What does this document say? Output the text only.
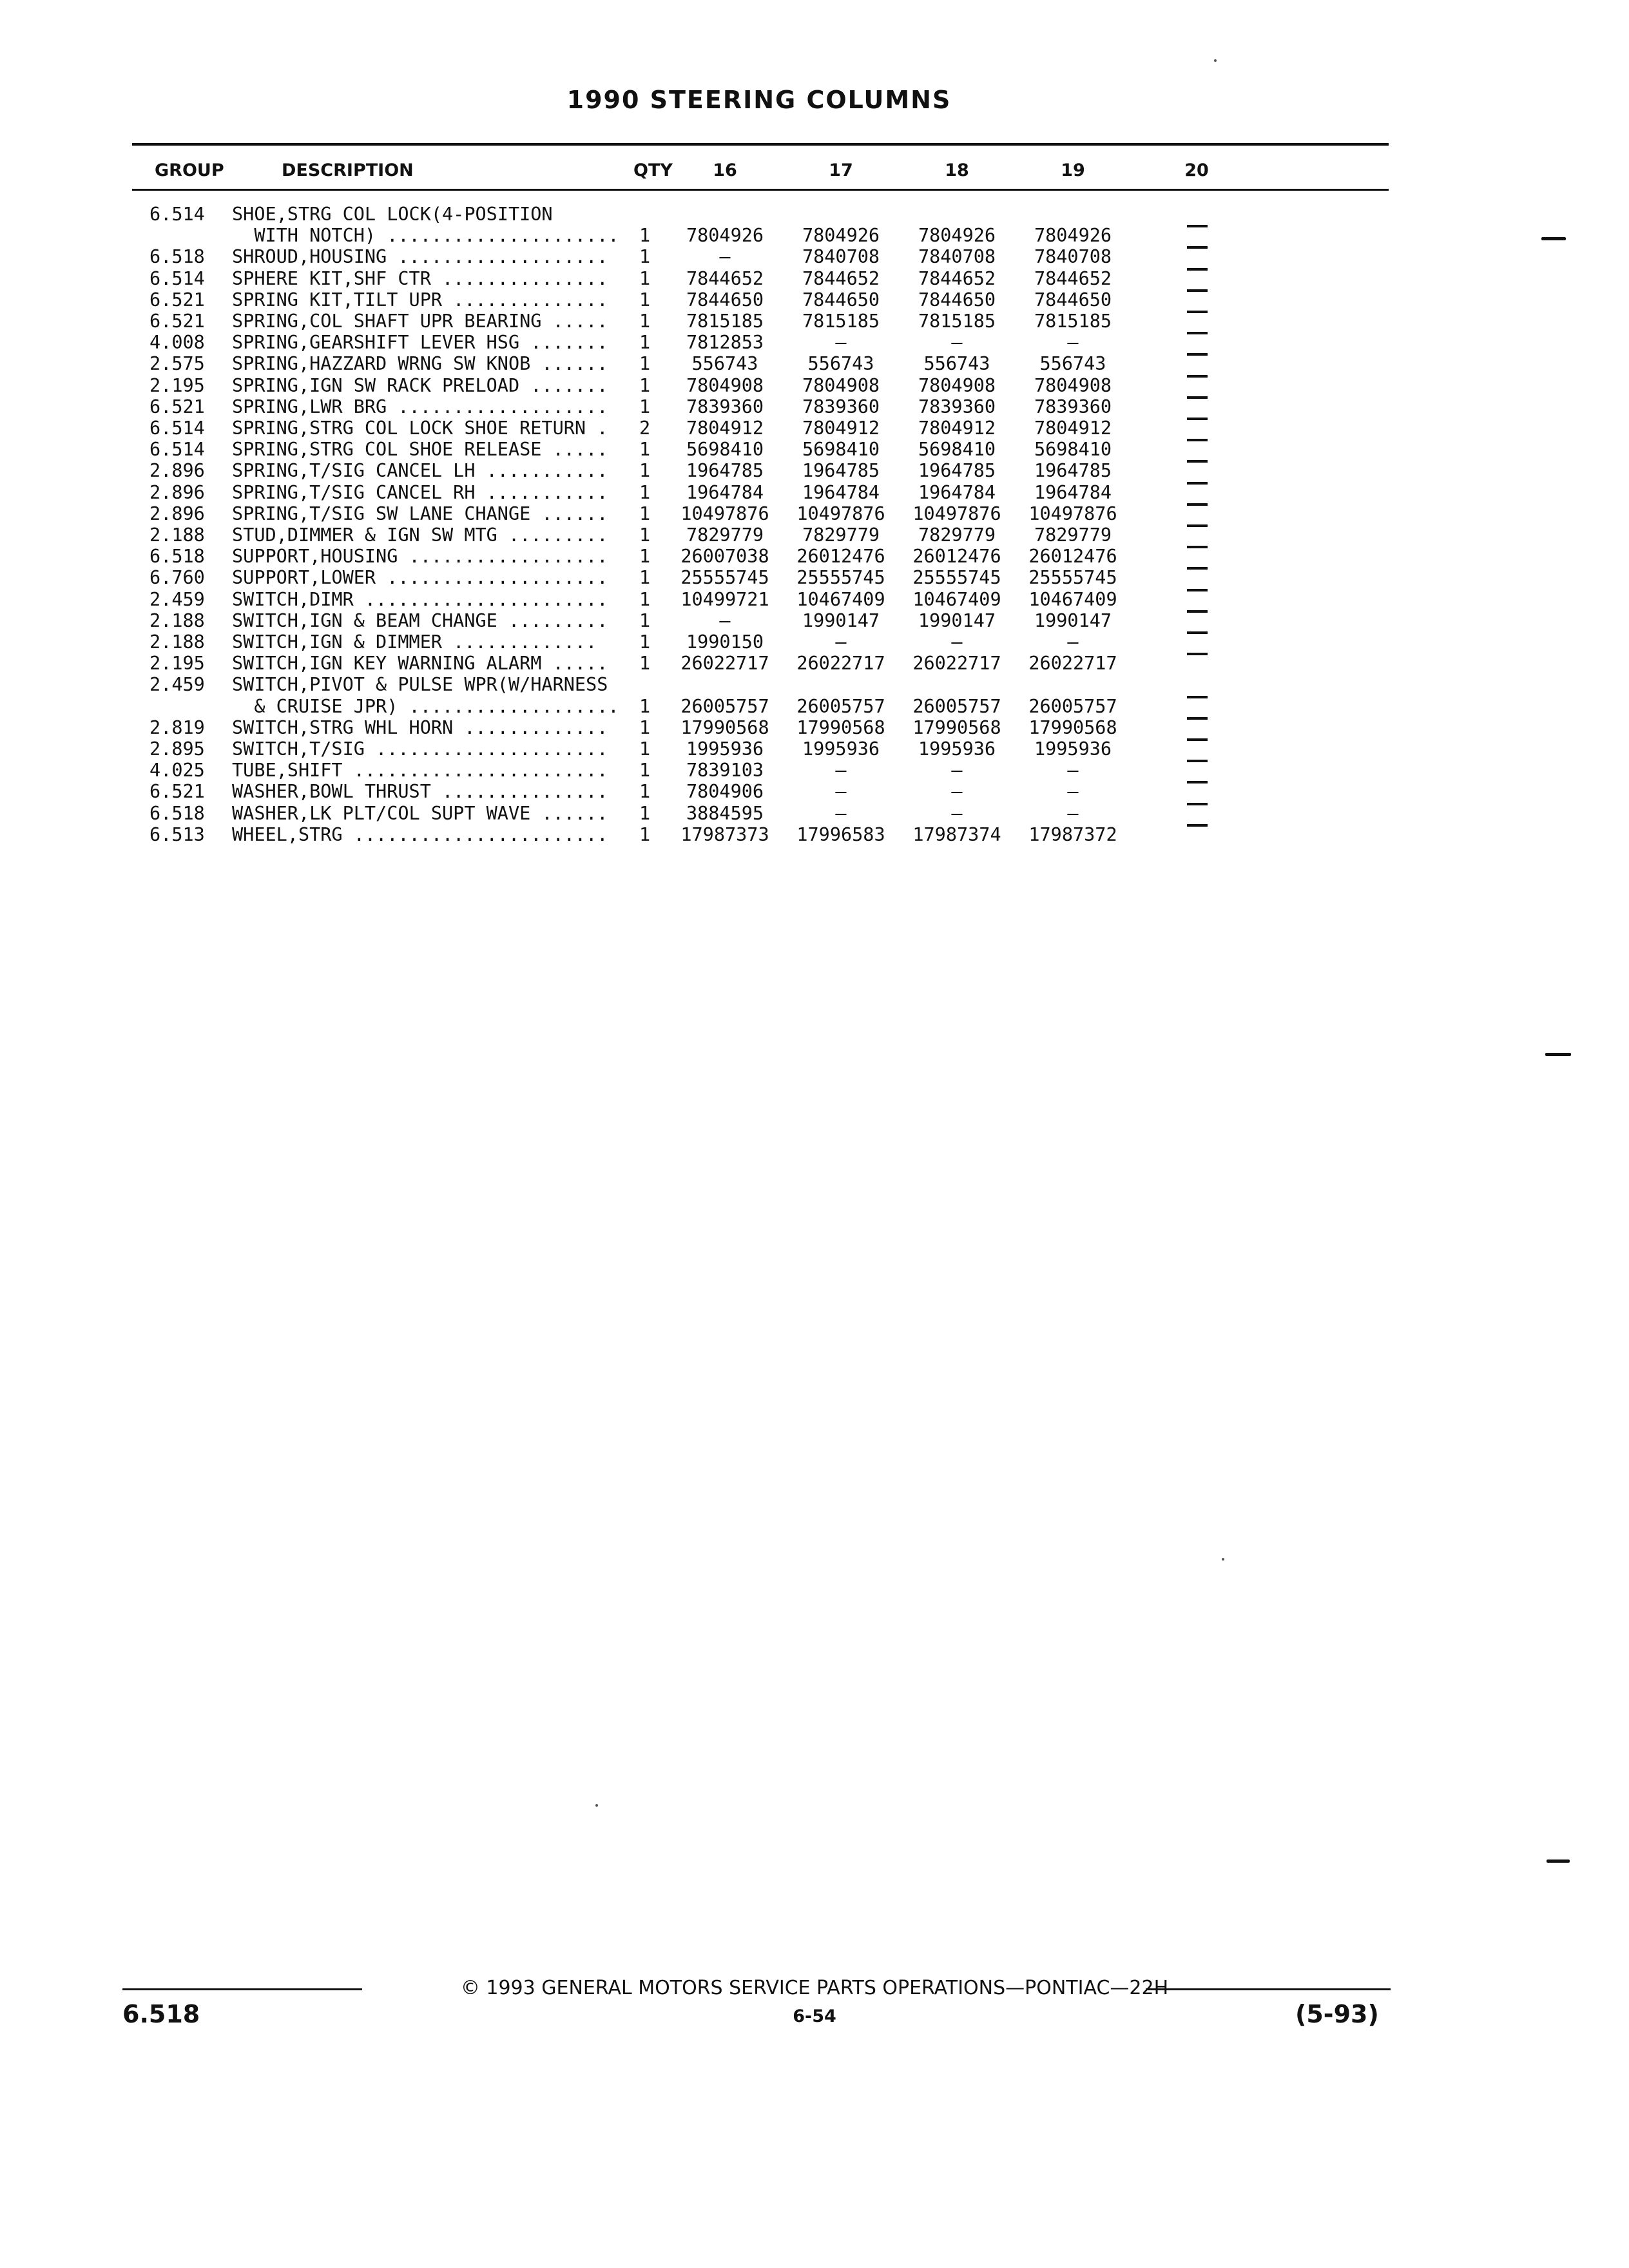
1990 STEERING COLUMNS
GROUP	DESCRIPTION	QTY	16	17	18	19	20
6.514 SHOE,STRG COL LOCK(4-POSITION
WITH NOTCH) ..................... 1	7804926	7804926	7804926	7804926
6.518 SHROUD,HOUSING ................... 1	—	7840708	7840708	7840708
6.514 SPHERE KIT,SHF CTR ............... 1	7844652	7844652	7844652	7844652
6.521 SPRING KIT,TILT UPR .............. 1	7844650	7844650	7844650	7844650
6.521 SPRING,COL SHAFT UPR BEARING ..... 1	7815185	7815185	7815185	7815185
4.008 SPRING,GEARSHIFT LEVER HSG ....... 1	7812853	—	—	—
2.575 SPRING,HAZZARD WRNG SW KNOB ...... 1	556743	556743	556743	556743
2.195 SPRING,IGN SW RACK PRELOAD ....... 1	7804908	7804908	7804908	7804908
6.521 SPRING,LWR BRG ................... 1	7839360	7839360	7839360	7839360
6.514 SPRING,STRG COL LOCK SHOE RETURN . 2	7804912	7804912	7804912	7804912
6.514 SPRING,STRG COL SHOE RELEASE ..... 1	5698410	5698410	5698410	5698410
2.896 SPRING,T/SIG CANCEL LH ........... 1	1964785	1964785	1964785	1964785
2.896 SPRING,T/SIG CANCEL RH ........... 1	1964784	1964784	1964784	1964784
2.896 SPRING,T/SIG SW LANE CHANGE ...... 1	10497876	10497876	10497876	10497876
2.188 STUD,DIMMER & IGN SW MTG ......... 1	7829779	7829779	7829779	7829779
6.518 SUPPORT,HOUSING .................. 1	26007038	26012476	26012476	26012476
6.760 SUPPORT,LOWER .................... 1	25555745	25555745	25555745	25555745
2.459 SWITCH,DIMR ...................... 1	10499721	10467409	10467409	10467409
2.188 SWITCH,IGN & BEAM CHANGE ......... 1	—	1990147	1990147	1990147
2.188 SWITCH,IGN & DIMMER ............. 1	1990150	—	—	—
2.195 SWITCH,IGN KEY WARNING ALARM ..... 1	26022717	26022717	26022717	26022717
2.459 SWITCH,PIVOT & PULSE WPR(W/HARNESS
& CRUISE JPR) ................... 1	26005757	26005757	26005757	26005757
2.819 SWITCH,STRG WHL HORN ............. 1	17990568	17990568	17990568	17990568
2.895 SWITCH,T/SIG ..................... 1	1995936	1995936	1995936	1995936
4.025 TUBE,SHIFT ....................... 1	7839103	—	—	—
6.521 WASHER,BOWL THRUST ............... 1	7804906	—	—	—
6.518 WASHER,LK PLT/COL SUPT WAVE ...... 1	3884595	—	—	—
6.513 WHEEL,STRG ....................... 1	17987373	17996583	17987374	17987372
© 1993 GENERAL MOTORS SERVICE PARTS OPERATIONS—PONTIAC—22H
6.518	6-54	(5-93)
